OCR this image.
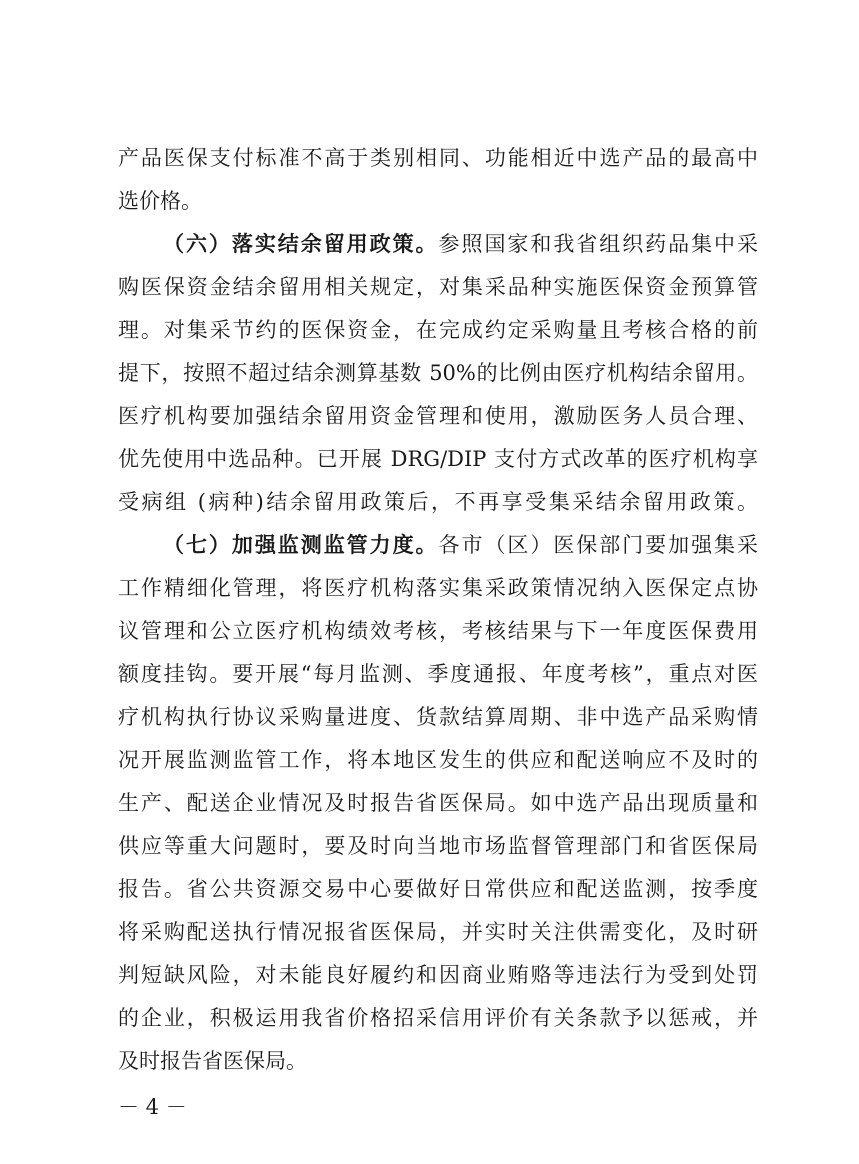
产品医保支付标准不高于类别相同、功能相近中选产品的最高中
选价格。
（六）落实结余留用政策。参照国家和我省组织药品集中采
购医保资金结余留用相关规定，对集采品种实施医保资金预算管
理。对集采节约的医保资金，在完成约定采购量且考核合格的前
提下，按照不超过结余测算基数 50%的比例由医疗机构结余留用。
医疗机构要加强结余留用资金管理和使用，激励医务人员合理、
优先使用中选品种。已开展 DRG/DIP 支付方式改革的医疗机构享
受病组 (病种)结余留用政策后，不再享受集采结余留用政策。
（七）加强监测监管力度。各市（区）医保部门要加强集采
工作精细化管理，将医疗机构落实集采政策情况纳入医保定点协
议管理和公立医疗机构绩效考核，考核结果与下一年度医保费用
额度挂钩。要开展“每月监测、季度通报、年度考核”，重点对医
疗机构执行协议采购量进度、货款结算周期、非中选产品采购情
况开展监测监管工作，将本地区发生的供应和配送响应不及时的
生产、配送企业情况及时报告省医保局。如中选产品出现质量和
供应等重大问题时，要及时向当地市场监督管理部门和省医保局
报告。省公共资源交易中心要做好日常供应和配送监测，按季度
将采购配送执行情况报省医保局，并实时关注供需变化，及时研
判短缺风险，对未能良好履约和因商业贿赂等违法行为受到处罚
的企业，积极运用我省价格招采信用评价有关条款予以惩戒，并
及时报告省医保局。
－ 4 －
